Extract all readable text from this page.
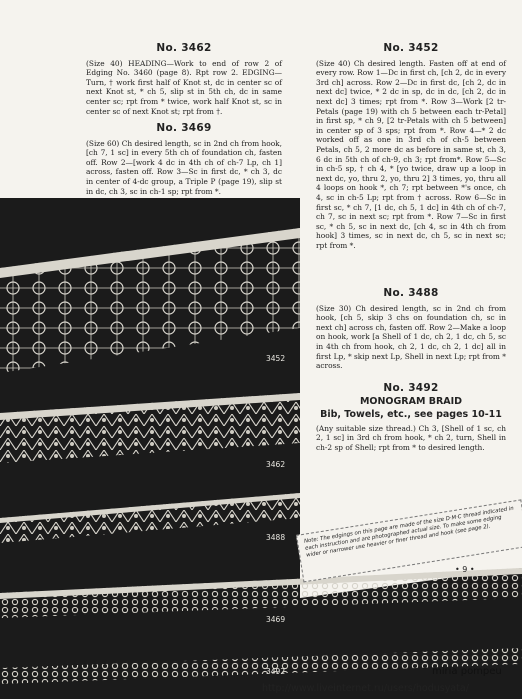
No. 3462

(Size 40) HEADING—Work to end of row 2 of Edging No. 3460 (page 8). Rpt row 2. EDGING—Turn, † work first half of Knot st, dc in center sc of next Knot st, * ch 5, slip st in 5th ch, dc in same center sc; rpt from * twice, work half Knot st, sc in center sc of next Knot st; rpt from †.

No. 3469

(Size 60) Ch desired length, sc in 2nd ch from hook, [ch 7, 1 sc] in every 5th ch of foundation ch, fasten off. Row 2—[work 4 dc in 4th ch of ch-7 Lp, ch 1] across, fasten off. Row 3—Sc in first dc, * ch 3, dc in center of 4-dc group, a Triple P (page 19), slip st in dc, ch 3, sc in ch-1 sp; rpt from *.

No. 3452

(Size 40) Ch desired length. Fasten off at end of every row. Row 1—Dc in first ch, [ch 2, dc in every 3rd ch] across. Row 2—Dc in first dc, [ch 2, dc in next dc] twice, * 2 dc in sp, dc in dc, [ch 2, dc in next dc] 3 times; rpt from *. Row 3—Work [2 tr-Petals (page 19) with ch 5 between each tr-Petal] in first sp, * ch 9, [2 tr-Petals with ch 5 between] in center sp of 3 sps; rpt from *. Row 4—* 2 dc worked off as one in 3rd ch of ch-5 between Petals, ch 5, 2 more dc as before in same st, ch 3, 6 dc in 5th ch of ch-9, ch 3; rpt from*. Row 5—Sc in ch-5 sp, † ch 4, * [yo twice, draw up a loop in next dc, yo, thru 2, yo, thru 2] 3 times, yo, thru all 4 loops on hook *, ch 7; rpt between *'s once, ch 4, sc in ch-5 Lp; rpt from † across. Row 6—Sc in first sc, * ch 7, [1 dc, ch 5, 1 dc] in 4th ch of ch-7, ch 7, sc in next sc; rpt from *. Row 7—Sc in first sc, * ch 5, sc in next dc, [ch 4, sc in 4th ch from hook] 3 times, sc in next dc, ch 5, sc in next sc; rpt from *.

3452
3462
3488
3469
3492
No. 3488

(Size 30) Ch desired length, sc in 2nd ch from hook, [ch 5, skip 3 chs on foundation ch, sc in next ch] across ch, fasten off. Row 2—Make a loop on hook, work [a Shell of 1 dc, ch 2, 1 dc, ch 5, sc in 4th ch from hook, ch 2, 1 dc, ch 2, 1 dc] all in first Lp, * skip next Lp, Shell in next Lp; rpt from * across.

No. 3492
MONOGRAM BRAID
Bib, Towels, etc., see pages 10-11

(Any suitable size thread.) Ch 3, [Shell of 1 sc, ch 2, 1 sc] in 3rd ch from hook, * ch 2, turn, Shell in ch-2 sp of Shell; rpt from * to desired length.

Note: The edgings on this page are made of the size D·M·C thread indicated in each instruction and are photographed actual size. To make some edging wider or narrower use heavier or finer thread and hook (see page 2).
• 9 •
miria pompeu
http://www.liveinternet.ru/users/hodusyata/
